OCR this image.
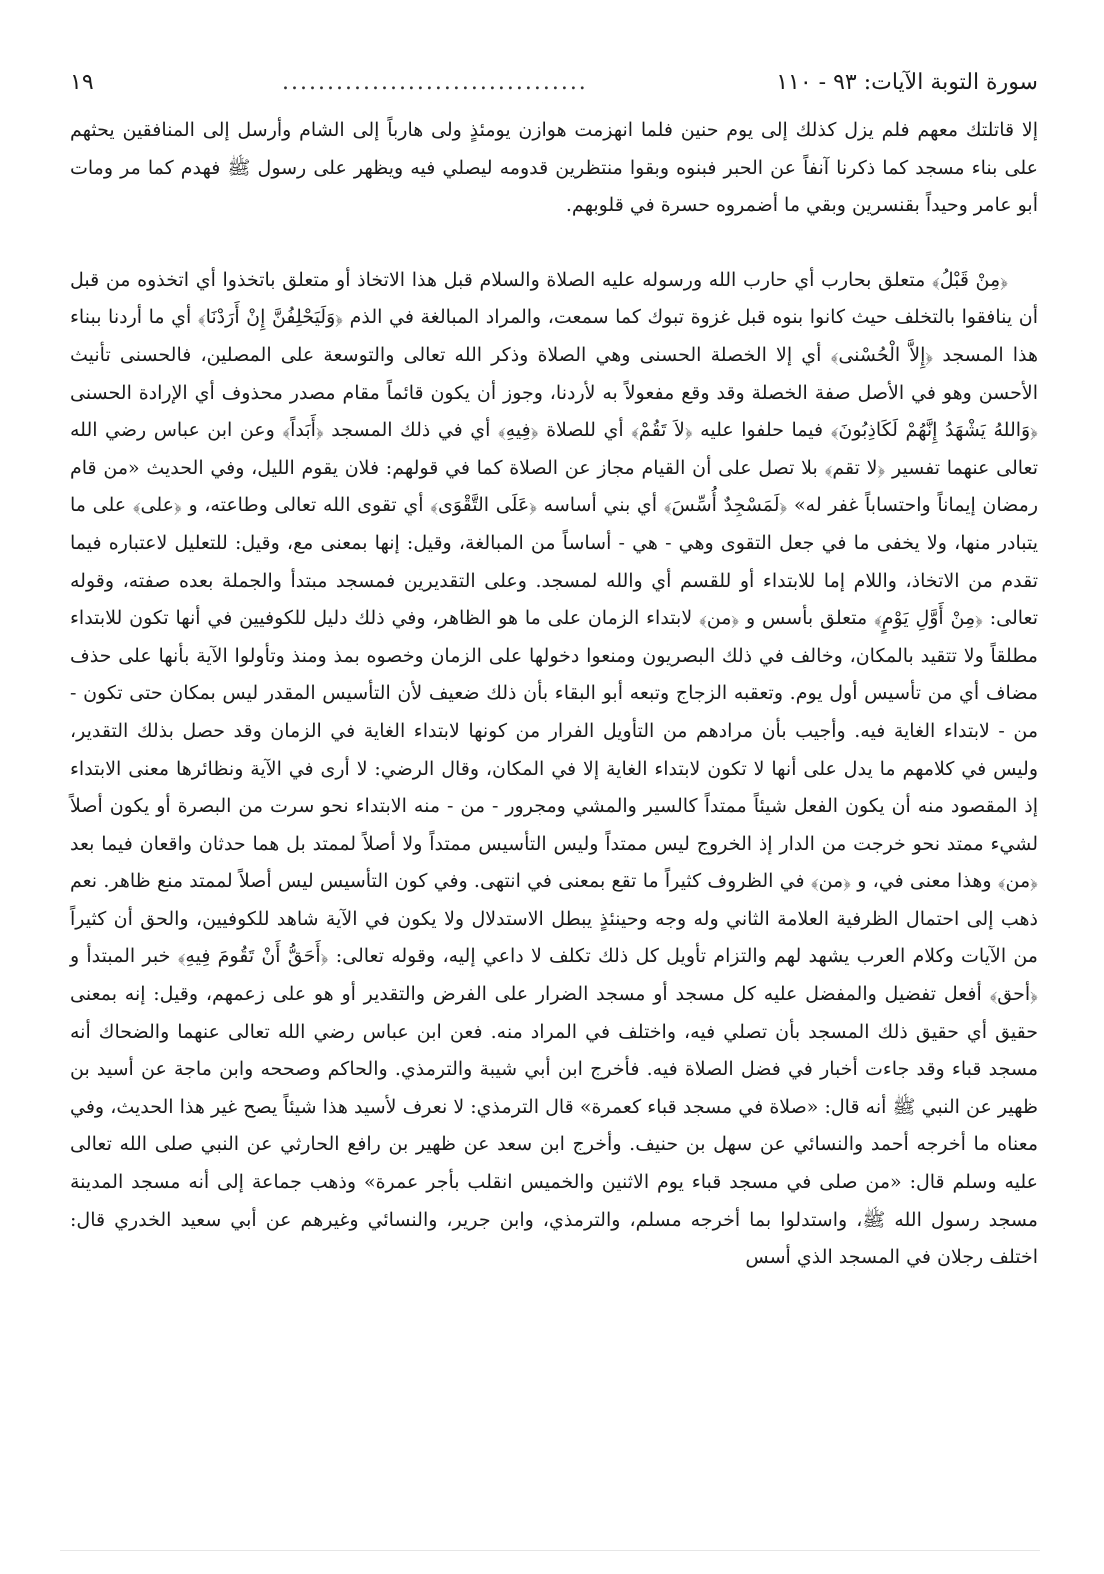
سورة التوبة الآيات: ٩٣ - ١١٠
..................................
١٩

إلا قاتلتك معهم فلم يزل كذلك إلى يوم حنين فلما انهزمت هوازن يومئذٍ ولى هارباً إلى الشام وأرسل إلى المنافقين يحثهم على بناء مسجد كما ذكرنا آنفاً عن الحبر فبنوه وبقوا منتظرين قدومه ليصلي فيه ويظهر على رسول ﷺ فهدم كما مر ومات أبو عامر وحيداً بقنسرين وبقي ما أضمروه حسرة في قلوبهم.

﴿مِنْ قَبْلُ﴾ متعلق بحارب أي حارب الله ورسوله عليه الصلاة والسلام قبل هذا الاتخاذ أو متعلق باتخذوا أي اتخذوه من قبل أن ينافقوا بالتخلف حيث كانوا بنوه قبل غزوة تبوك كما سمعت، والمراد المبالغة في الذم ﴿وَلَيَحْلِفُنَّ إِنْ أَرَدْنَا﴾ أي ما أردنا ببناء هذا المسجد ﴿إِلاَّ الْحُسْنى﴾ أي إلا الخصلة الحسنى وهي الصلاة وذكر الله تعالى والتوسعة على المصلين، فالحسنى تأنيث الأحسن وهو في الأصل صفة الخصلة وقد وقع مفعولاً به لأردنا، وجوز أن يكون قائماً مقام مصدر محذوف أي الإرادة الحسنى ﴿وَاللهُ يَشْهَدُ إِنَّهُمْ لَكَاذِبُونَ﴾ فيما حلفوا عليه ﴿لاَ تَقُمْ﴾ أي للصلاة ﴿فِيهِ﴾ أي في ذلك المسجد ﴿أَبَداً﴾ وعن ابن عباس رضي الله تعالى عنهما تفسير ﴿لا تقم﴾ بلا تصل على أن القيام مجاز عن الصلاة كما في قولهم: فلان يقوم الليل، وفي الحديث «من قام رمضان إيماناً واحتساباً غفر له» ﴿لَمَسْجِدٌ أُسِّسَ﴾ أي بني أساسه ﴿عَلَى التَّقْوَى﴾ أي تقوى الله تعالى وطاعته، و ﴿على﴾ على ما يتبادر منها، ولا يخفى ما في جعل التقوى وهي - هي - أساساً من المبالغة، وقيل: إنها بمعنى مع، وقيل: للتعليل لاعتباره فيما تقدم من الاتخاذ، واللام إما للابتداء أو للقسم أي والله لمسجد. وعلى التقديرين فمسجد مبتدأ والجملة بعده صفته، وقوله تعالى: ﴿مِنْ أَوَّلِ يَوْمٍ﴾ متعلق بأسس و ﴿من﴾ لابتداء الزمان على ما هو الظاهر، وفي ذلك دليل للكوفيين في أنها تكون للابتداء مطلقاً ولا تتقيد بالمكان، وخالف في ذلك البصريون ومنعوا دخولها على الزمان وخصوه بمذ ومنذ وتأولوا الآية بأنها على حذف مضاف أي من تأسيس أول يوم. وتعقبه الزجاج وتبعه أبو البقاء بأن ذلك ضعيف لأن التأسيس المقدر ليس بمكان حتى تكون - من - لابتداء الغاية فيه. وأجيب بأن مرادهم من التأويل الفرار من كونها لابتداء الغاية في الزمان وقد حصل بذلك التقدير، وليس في كلامهم ما يدل على أنها لا تكون لابتداء الغاية إلا في المكان، وقال الرضي: لا أرى في الآية ونظائرها معنى الابتداء إذ المقصود منه أن يكون الفعل شيئاً ممتداً كالسير والمشي ومجرور - من - منه الابتداء نحو سرت من البصرة أو يكون أصلاً لشيء ممتد نحو خرجت من الدار إذ الخروج ليس ممتداً وليس التأسيس ممتداً ولا أصلاً لممتد بل هما حدثان واقعان فيما بعد ﴿من﴾ وهذا معنى في، و ﴿من﴾ في الظروف كثيراً ما تقع بمعنى في انتهى. وفي كون التأسيس ليس أصلاً لممتد منع ظاهر. نعم ذهب إلى احتمال الظرفية العلامة الثاني وله وجه وحينئذٍ يبطل الاستدلال ولا يكون في الآية شاهد للكوفيين، والحق أن كثيراً من الآيات وكلام العرب يشهد لهم والتزام تأويل كل ذلك تكلف لا داعي إليه، وقوله تعالى: ﴿أَحَقُّ أَنْ تَقُومَ فِيهِ﴾ خبر المبتدأ و ﴿أحق﴾ أفعل تفضيل والمفضل عليه كل مسجد أو مسجد الضرار على الفرض والتقدير أو هو على زعمهم، وقيل: إنه بمعنى حقيق أي حقيق ذلك المسجد بأن تصلي فيه، واختلف في المراد منه. فعن ابن عباس رضي الله تعالى عنهما والضحاك أنه مسجد قباء وقد جاءت أخبار في فضل الصلاة فيه. فأخرج ابن أبي شيبة والترمذي. والحاكم وصححه وابن ماجة عن أسيد بن ظهير عن النبي ﷺ أنه قال: «صلاة في مسجد قباء كعمرة» قال الترمذي: لا نعرف لأسيد هذا شيئاً يصح غير هذا الحديث، وفي معناه ما أخرجه أحمد والنسائي عن سهل بن حنيف. وأخرج ابن سعد عن ظهير بن رافع الحارثي عن النبي صلى الله تعالى عليه وسلم قال: «من صلى في مسجد قباء يوم الاثنين والخميس انقلب بأجر عمرة» وذهب جماعة إلى أنه مسجد المدينة مسجد رسول الله ﷺ، واستدلوا بما أخرجه مسلم، والترمذي، وابن جرير، والنسائي وغيرهم عن أبي سعيد الخدري قال: اختلف رجلان في المسجد الذي أسس
